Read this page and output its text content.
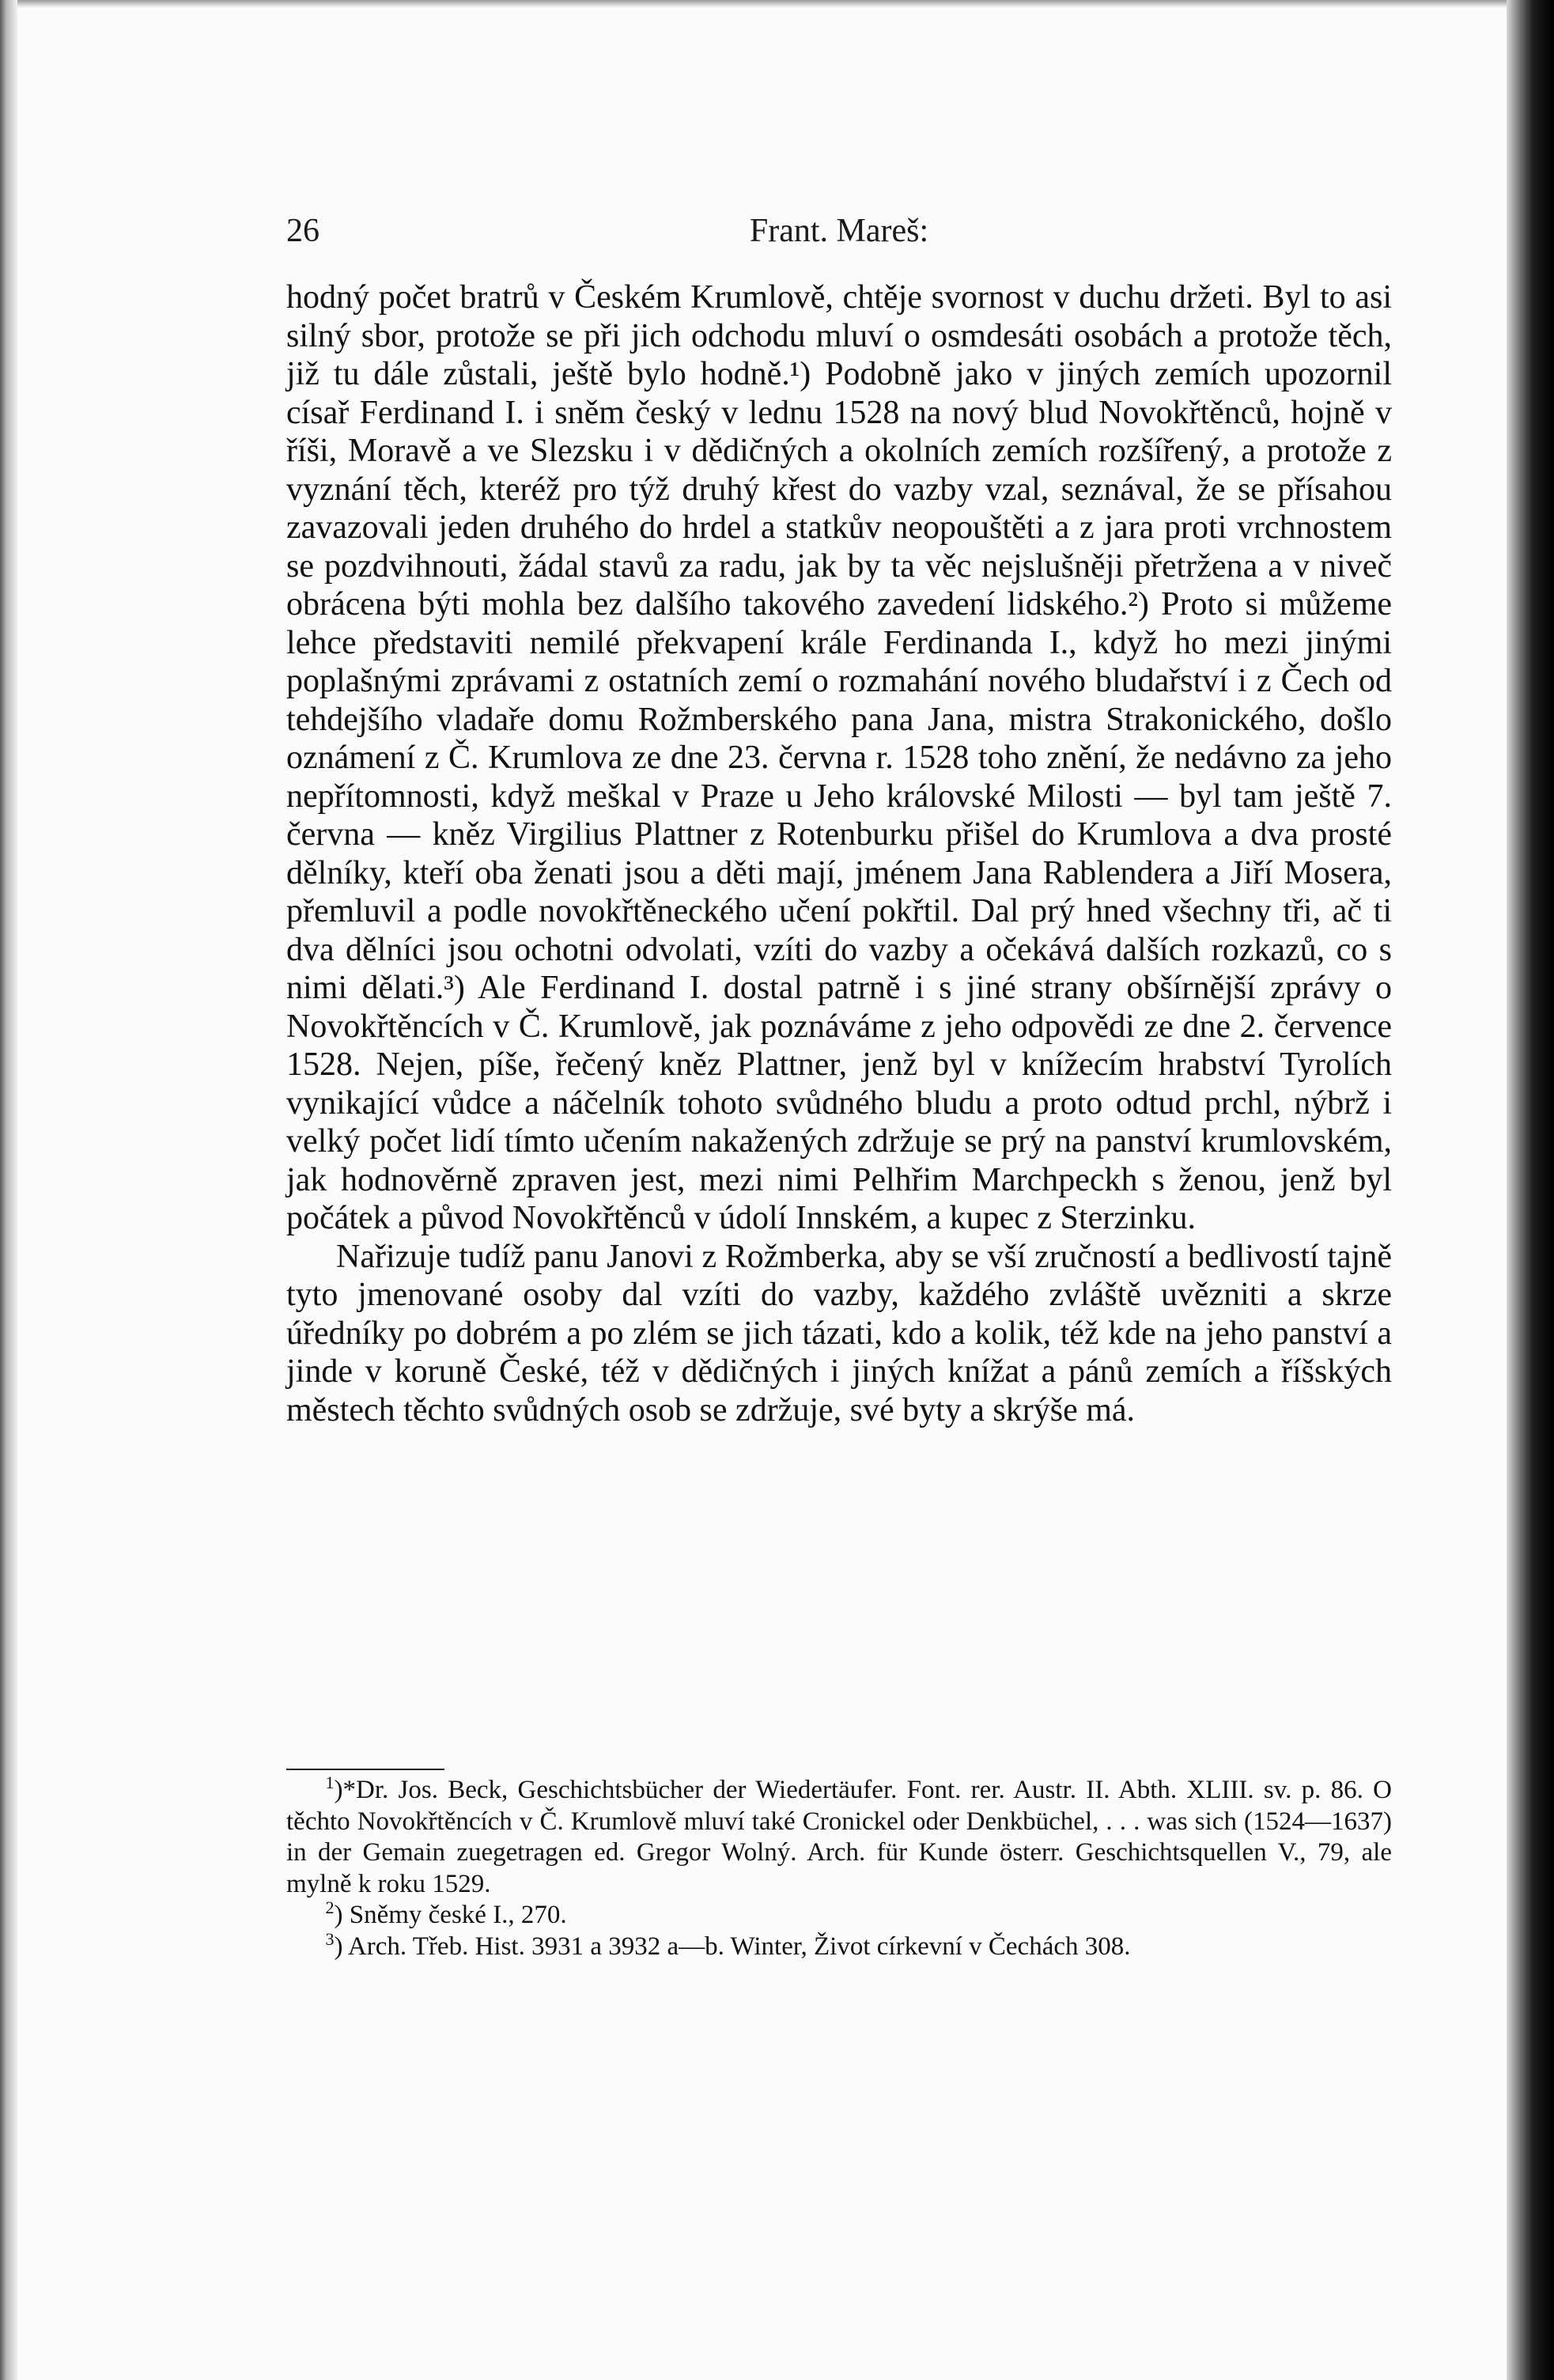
26	Frant. Mareš:

hodný počet bratrů v Českém Krumlově, chtěje svornost v duchu držeti. Byl to asi silný sbor, protože se při jich odchodu mluví o osmdesáti osobách a protože těch, již tu dále zůstali, ještě bylo hodně.¹) Podobně jako v jiných zemích upozornil císař Ferdinand I. i sněm český v lednu 1528 na nový blud Novokřtěnců, hojně v říši, Moravě a ve Slezsku i v dědičných a okolních zemích rozšířený, a protože z vyznání těch, kteréž pro týž druhý křest do vazby vzal, seznával, že se přísahou zavazovali jeden druhého do hrdel a statkův neopouštěti a z jara proti vrchnostem se pozdvihnouti, žádal stavů za radu, jak by ta věc nejslušněji přetržena a v niveč obrácena býti mohla bez dalšího takového zavedení lidského.²) Proto si můžeme lehce představiti nemilé překvapení krále Ferdinanda I., když ho mezi jinými poplašnými zprávami z ostatních zemí o rozmahání nového bludařství i z Čech od tehdejšího vladaře domu Rožmberského pana Jana, mistra Strakonického, došlo oznámení z Č. Krumlova ze dne 23. června r. 1528 toho znění, že nedávno za jeho nepřítomnosti, když meškal v Praze u Jeho královské Milosti — byl tam ještě 7. června — kněz Virgilius Plattner z Rotenburku přišel do Krumlova a dva prosté dělníky, kteří oba ženati jsou a děti mají, jménem Jana Rablendera a Jiří Mosera, přemluvil a podle novokřtěneckého učení pokřtil. Dal prý hned všechny tři, ač ti dva dělníci jsou ochotni odvolati, vzíti do vazby a očekává dalších rozkazů, co s nimi dělati.³) Ale Ferdinand I. dostal patrně i s jiné strany obšírnější zprávy o Novokřtěncích v Č. Krumlově, jak poznáváme z jeho odpovědi ze dne 2. července 1528. Nejen, píše, řečený kněz Plattner, jenž byl v knížecím hrabství Tyrolích vynikající vůdce a náčelník tohoto svůdného bludu a proto odtud prchl, nýbrž i velký počet lidí tímto učením nakažených zdržuje se prý na panství krumlovském, jak hodnověrně zpraven jest, mezi nimi Pelhřim Marchpeckh s ženou, jenž byl počátek a původ Novokřtěnců v údolí Innském, a kupec z Sterzinku.

Nařizuje tudíž panu Janovi z Rožmberka, aby se vší zručností a bedlivostí tajně tyto jmenované osoby dal vzíti do vazby, každého zvláště uvězniti a skrze úředníky po dobrém a po zlém se jich tázati, kdo a kolik, též kde na jeho panství a jinde v koruně České, též v dědičných i jiných knížat a pánů zemích a říšských městech těchto svůdných osob se zdržuje, své byty a skrýše má.

$^1$)*Dr. Jos. Beck, Geschichtsbücher der Wiedertäufer. Font. rer. Austr. II. Abth. XLIII. sv. p. 86. O těchto Novokřtěncích v Č. Krumlově mluví také Cronickel oder Denkbüchel, . . . was sich (1524—1637) in der Gemain zuegetragen ed. Gregor Wolný. Arch. für Kunde österr. Geschichtsquellen V., 79, ale mylně k roku 1529.

$^2$) Sněmy české I., 270.

$^3$) Arch. Třeb. Hist. 3931 a 3932 a—b. Winter, Život církevní v Čechách 308.
